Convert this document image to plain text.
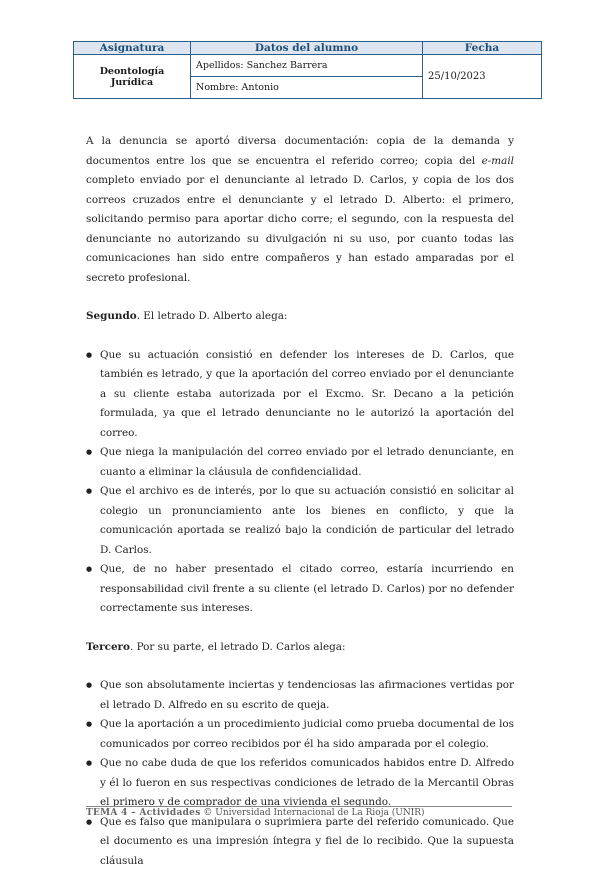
Asignatura	Datos del alumno	Fecha
Deontología Jurídica	Apellidos: Sanchez Barrera	25/10/2023
	Nombre: Antonio	

A la denuncia se aportó diversa documentación: copia de la demanda y documentos entre los que se encuentra el referido correo; copia del e-mail completo enviado por el denunciante al letrado D. Carlos, y copia de los dos correos cruzados entre el denunciante y el letrado D. Alberto: el primero, solicitando permiso para aportar dicho corre; el segundo, con la respuesta del denunciante no autorizando su divulgación ni su uso, por cuanto todas las comunicaciones han sido entre compañeros y han estado amparadas por el secreto profesional.

Segundo. El letrado D. Alberto alega:

● Que su actuación consistió en defender los intereses de D. Carlos, que también es letrado, y que la aportación del correo enviado por el denunciante a su cliente estaba autorizada por el Excmo. Sr. Decano a la petición formulada, ya que el letrado denunciante no le autorizó la aportación del correo.
● Que niega la manipulación del correo enviado por el letrado denunciante, en cuanto a eliminar la cláusula de confidencialidad.
● Que el archivo es de interés, por lo que su actuación consistió en solicitar al colegio un pronunciamiento ante los bienes en conflicto, y que la comunicación aportada se realizó bajo la condición de particular del letrado D. Carlos.
● Que, de no haber presentado el citado correo, estaría incurriendo en responsabilidad civil frente a su cliente (el letrado D. Carlos) por no defender correctamente sus intereses.

Tercero. Por su parte, el letrado D. Carlos alega:

● Que son absolutamente inciertas y tendenciosas las afirmaciones vertidas por el letrado D. Alfredo en su escrito de queja.
● Que la aportación a un procedimiento judicial como prueba documental de los comunicados por correo recibidos por él ha sido amparada por el colegio.
● Que no cabe duda de que los referidos comunicados habidos entre D. Alfredo y él lo fueron en sus respectivas condiciones de letrado de la Mercantil Obras el primero y de comprador de una vivienda el segundo.
● Que es falso que manipulara o suprimiera parte del referido comunicado. Que el documento es una impresión íntegra y fiel de lo recibido. Que la supuesta cláusula
TEMA 4 – Actividades © Universidad Internacional de La Rioja (UNIR)
